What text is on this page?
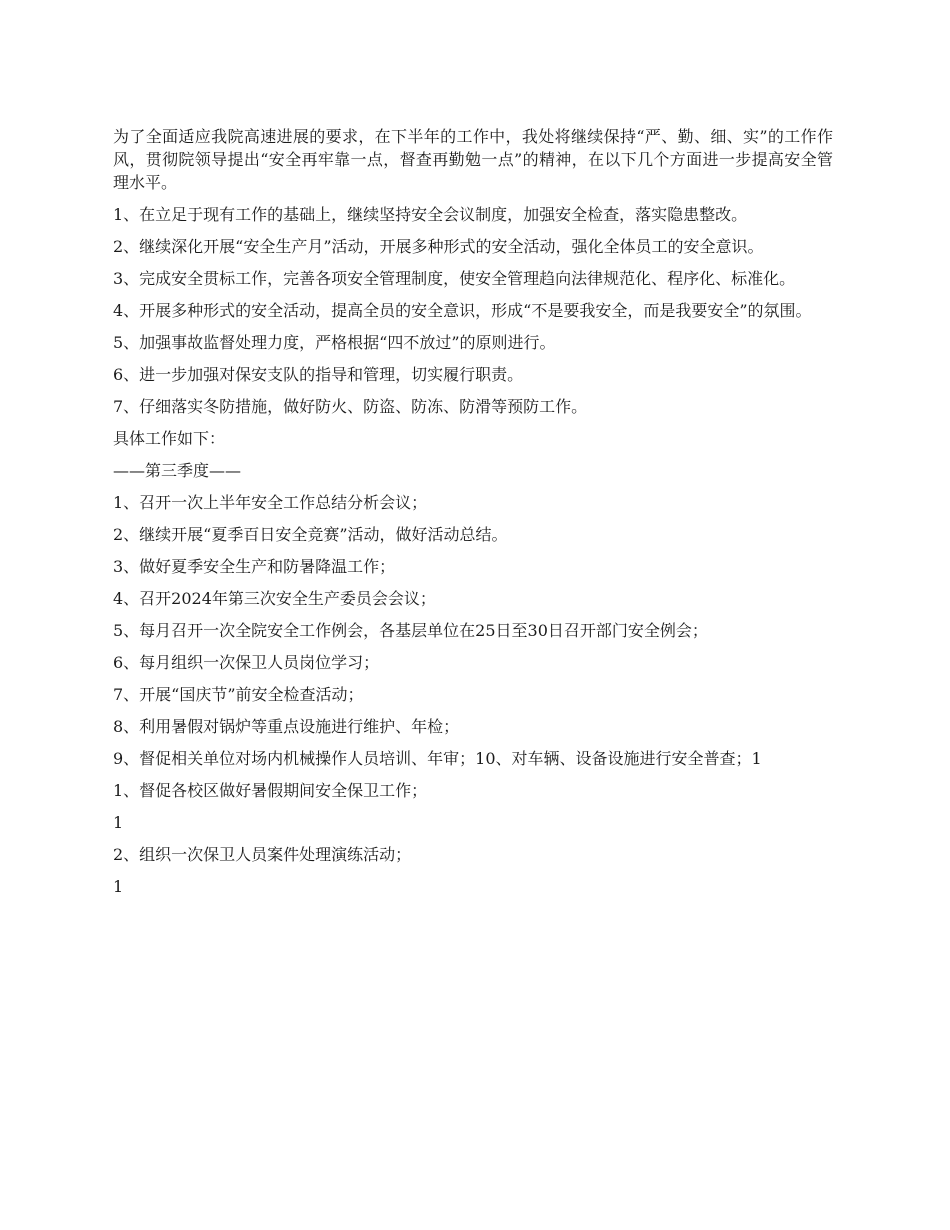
为了全面适应我院高速进展的要求，在下半年的工作中，我处将继续保持“严、勤、细、实”的工作作风，贯彻院领导提出“安全再牢靠一点，督查再勤勉一点”的精神，在以下几个方面进一步提高安全管理水平。

1、在立足于现有工作的基础上，继续坚持安全会议制度，加强安全检查，落实隐患整改。

2、继续深化开展“安全生产月”活动，开展多种形式的安全活动，强化全体员工的安全意识。

3、完成安全贯标工作，完善各项安全管理制度，使安全管理趋向法律规范化、程序化、标准化。

4、开展多种形式的安全活动，提高全员的安全意识，形成“不是要我安全，而是我要安全”的氛围。

5、加强事故监督处理力度，严格根据“四不放过”的原则进行。

6、进一步加强对保安支队的指导和管理，切实履行职责。

7、仔细落实冬防措施，做好防火、防盗、防冻、防滑等预防工作。

具体工作如下：

——第三季度——

1、召开一次上半年安全工作总结分析会议；

2、继续开展“夏季百日安全竞赛”活动，做好活动总结。

3、做好夏季安全生产和防暑降温工作；

4、召开2024年第三次安全生产委员会会议；

5、每月召开一次全院安全工作例会，各基层单位在25日至30日召开部门安全例会；

6、每月组织一次保卫人员岗位学习；

7、开展“国庆节”前安全检查活动；

8、利用暑假对锅炉等重点设施进行维护、年检；

9、督促相关单位对场内机械操作人员培训、年审；10、对车辆、设备设施进行安全普查；1

1、督促各校区做好暑假期间安全保卫工作；

1

2、组织一次保卫人员案件处理演练活动；

1
